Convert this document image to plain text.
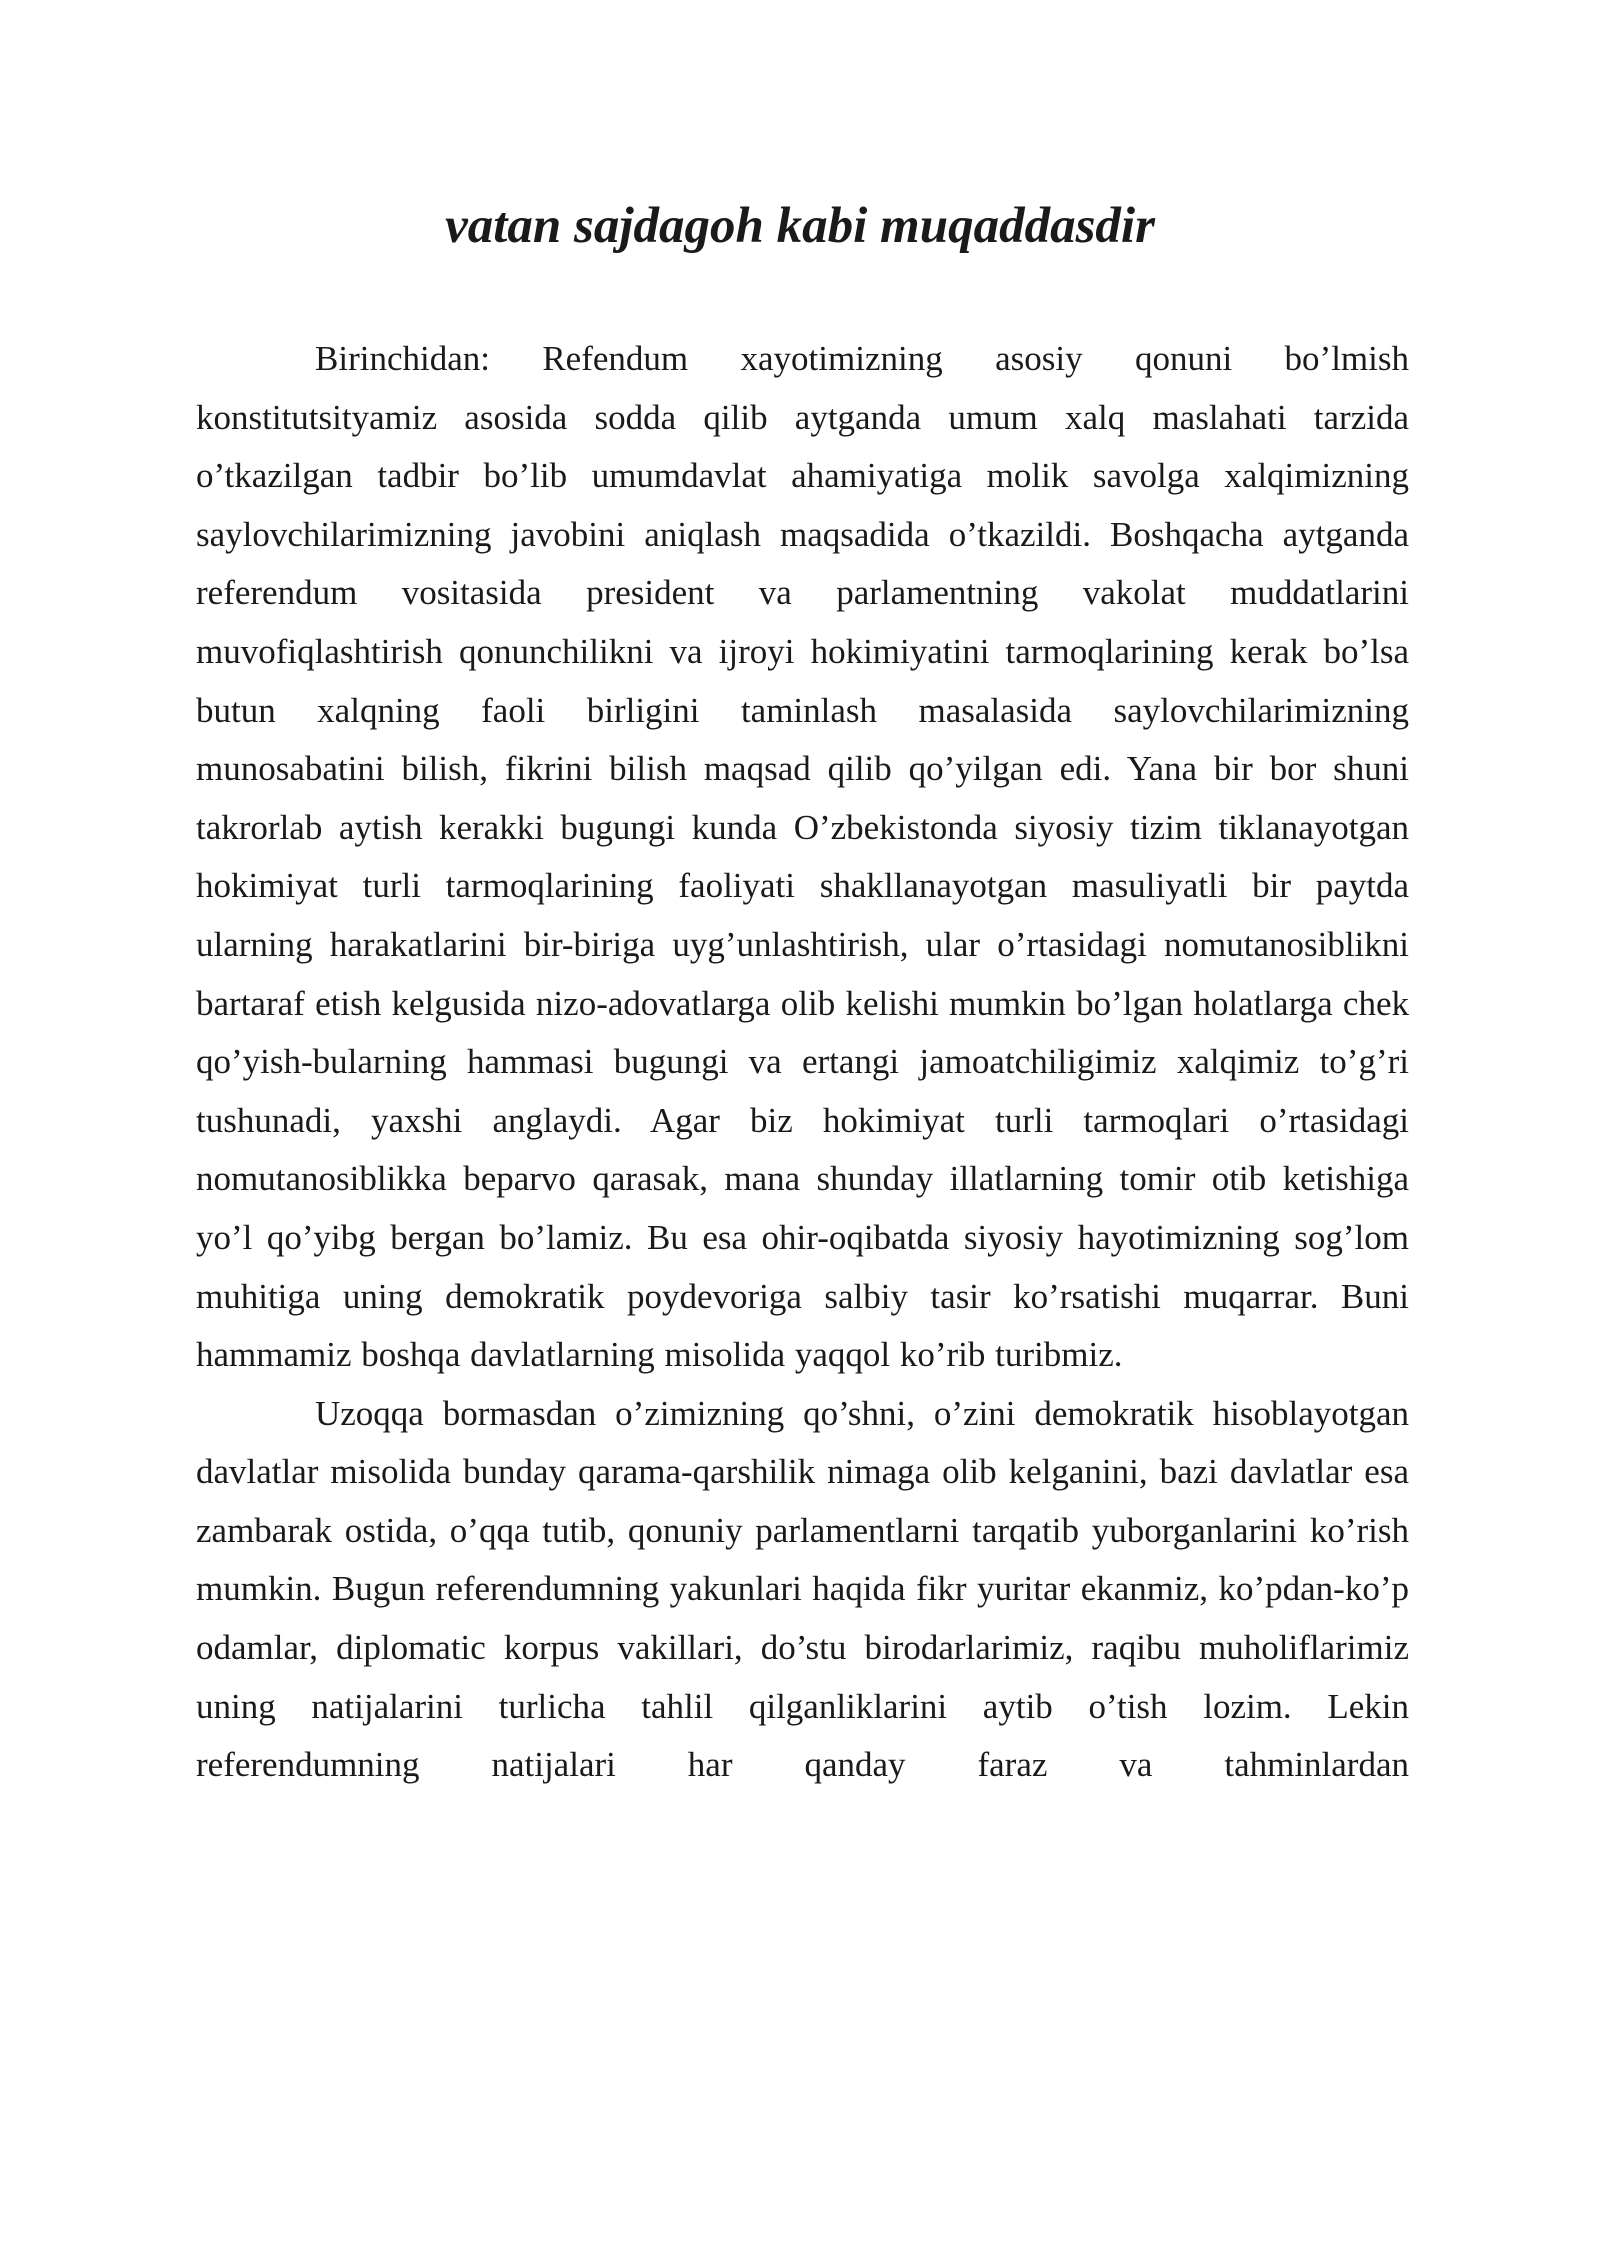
vatan sajdagoh kabi muqaddasdir

Birinchidan: Refendum xayotimizning asosiy qonuni bo’lmish konstitutsityamiz asosida sodda qilib aytganda umum xalq maslahati tarzida o’tkazilgan tadbir bo’lib umumdavlat ahamiyatiga molik savolga xalqimizning saylovchilarimizning javobini aniqlash maqsadida o’tkazildi. Boshqacha aytganda referendum vositasida president va parlamentning vakolat muddatlarini muvofiqlashtirish qonunchilikni va ijroyi hokimiyatini tarmoqlarining kerak bo’lsa butun xalqning faoli birligini taminlash masalasida saylovchilarimizning munosabatini bilish, fikrini bilish maqsad qilib qo’yilgan edi. Yana bir bor shuni takrorlab aytish kerakki bugungi kunda O’zbekistonda siyosiy tizim tiklanayotgan hokimiyat turli tarmoqlarining faoliyati shakllanayotgan masuliyatli bir paytda ularning harakatlarini bir-biriga uyg’unlashtirish, ular o’rtasidagi nomutanosiblikni bartaraf etish kelgusida nizo-adovatlarga olib kelishi mumkin bo’lgan holatlarga chek qo’yish-bularning hammasi bugungi va ertangi jamoatchiligimiz xalqimiz to’g’ri tushunadi, yaxshi anglaydi. Agar biz hokimiyat turli tarmoqlari o’rtasidagi nomutanosiblikka beparvo qarasak, mana shunday illatlarning tomir otib ketishiga yo’l qo’yibg bergan bo’lamiz. Bu esa ohir-oqibatda siyosiy hayotimizning sog’lom muhitiga uning demokratik poydevoriga salbiy tasir ko’rsatishi muqarrar. Buni hammamiz boshqa davlatlarning misolida yaqqol ko’rib turibmiz.

Uzoqqa bormasdan o’zimizning qo’shni, o’zini demokratik hisoblayotgan davlatlar misolida bunday qarama-qarshilik nimaga olib kelganini, bazi davlatlar esa zambarak ostida, o’qqa tutib, qonuniy parlamentlarni tarqatib yuborganlarini ko’rish mumkin. Bugun referendumning yakunlari haqida fikr yuritar ekanmiz, ko’pdan-ko’p odamlar, diplomatic korpus vakillari, do’stu birodarlarimiz, raqibu muholiflarimiz uning natijalarini turlicha tahlil qilganliklarini aytib o’tish lozim. Lekin referendumning natijalari har qanday faraz va tahminlardan
